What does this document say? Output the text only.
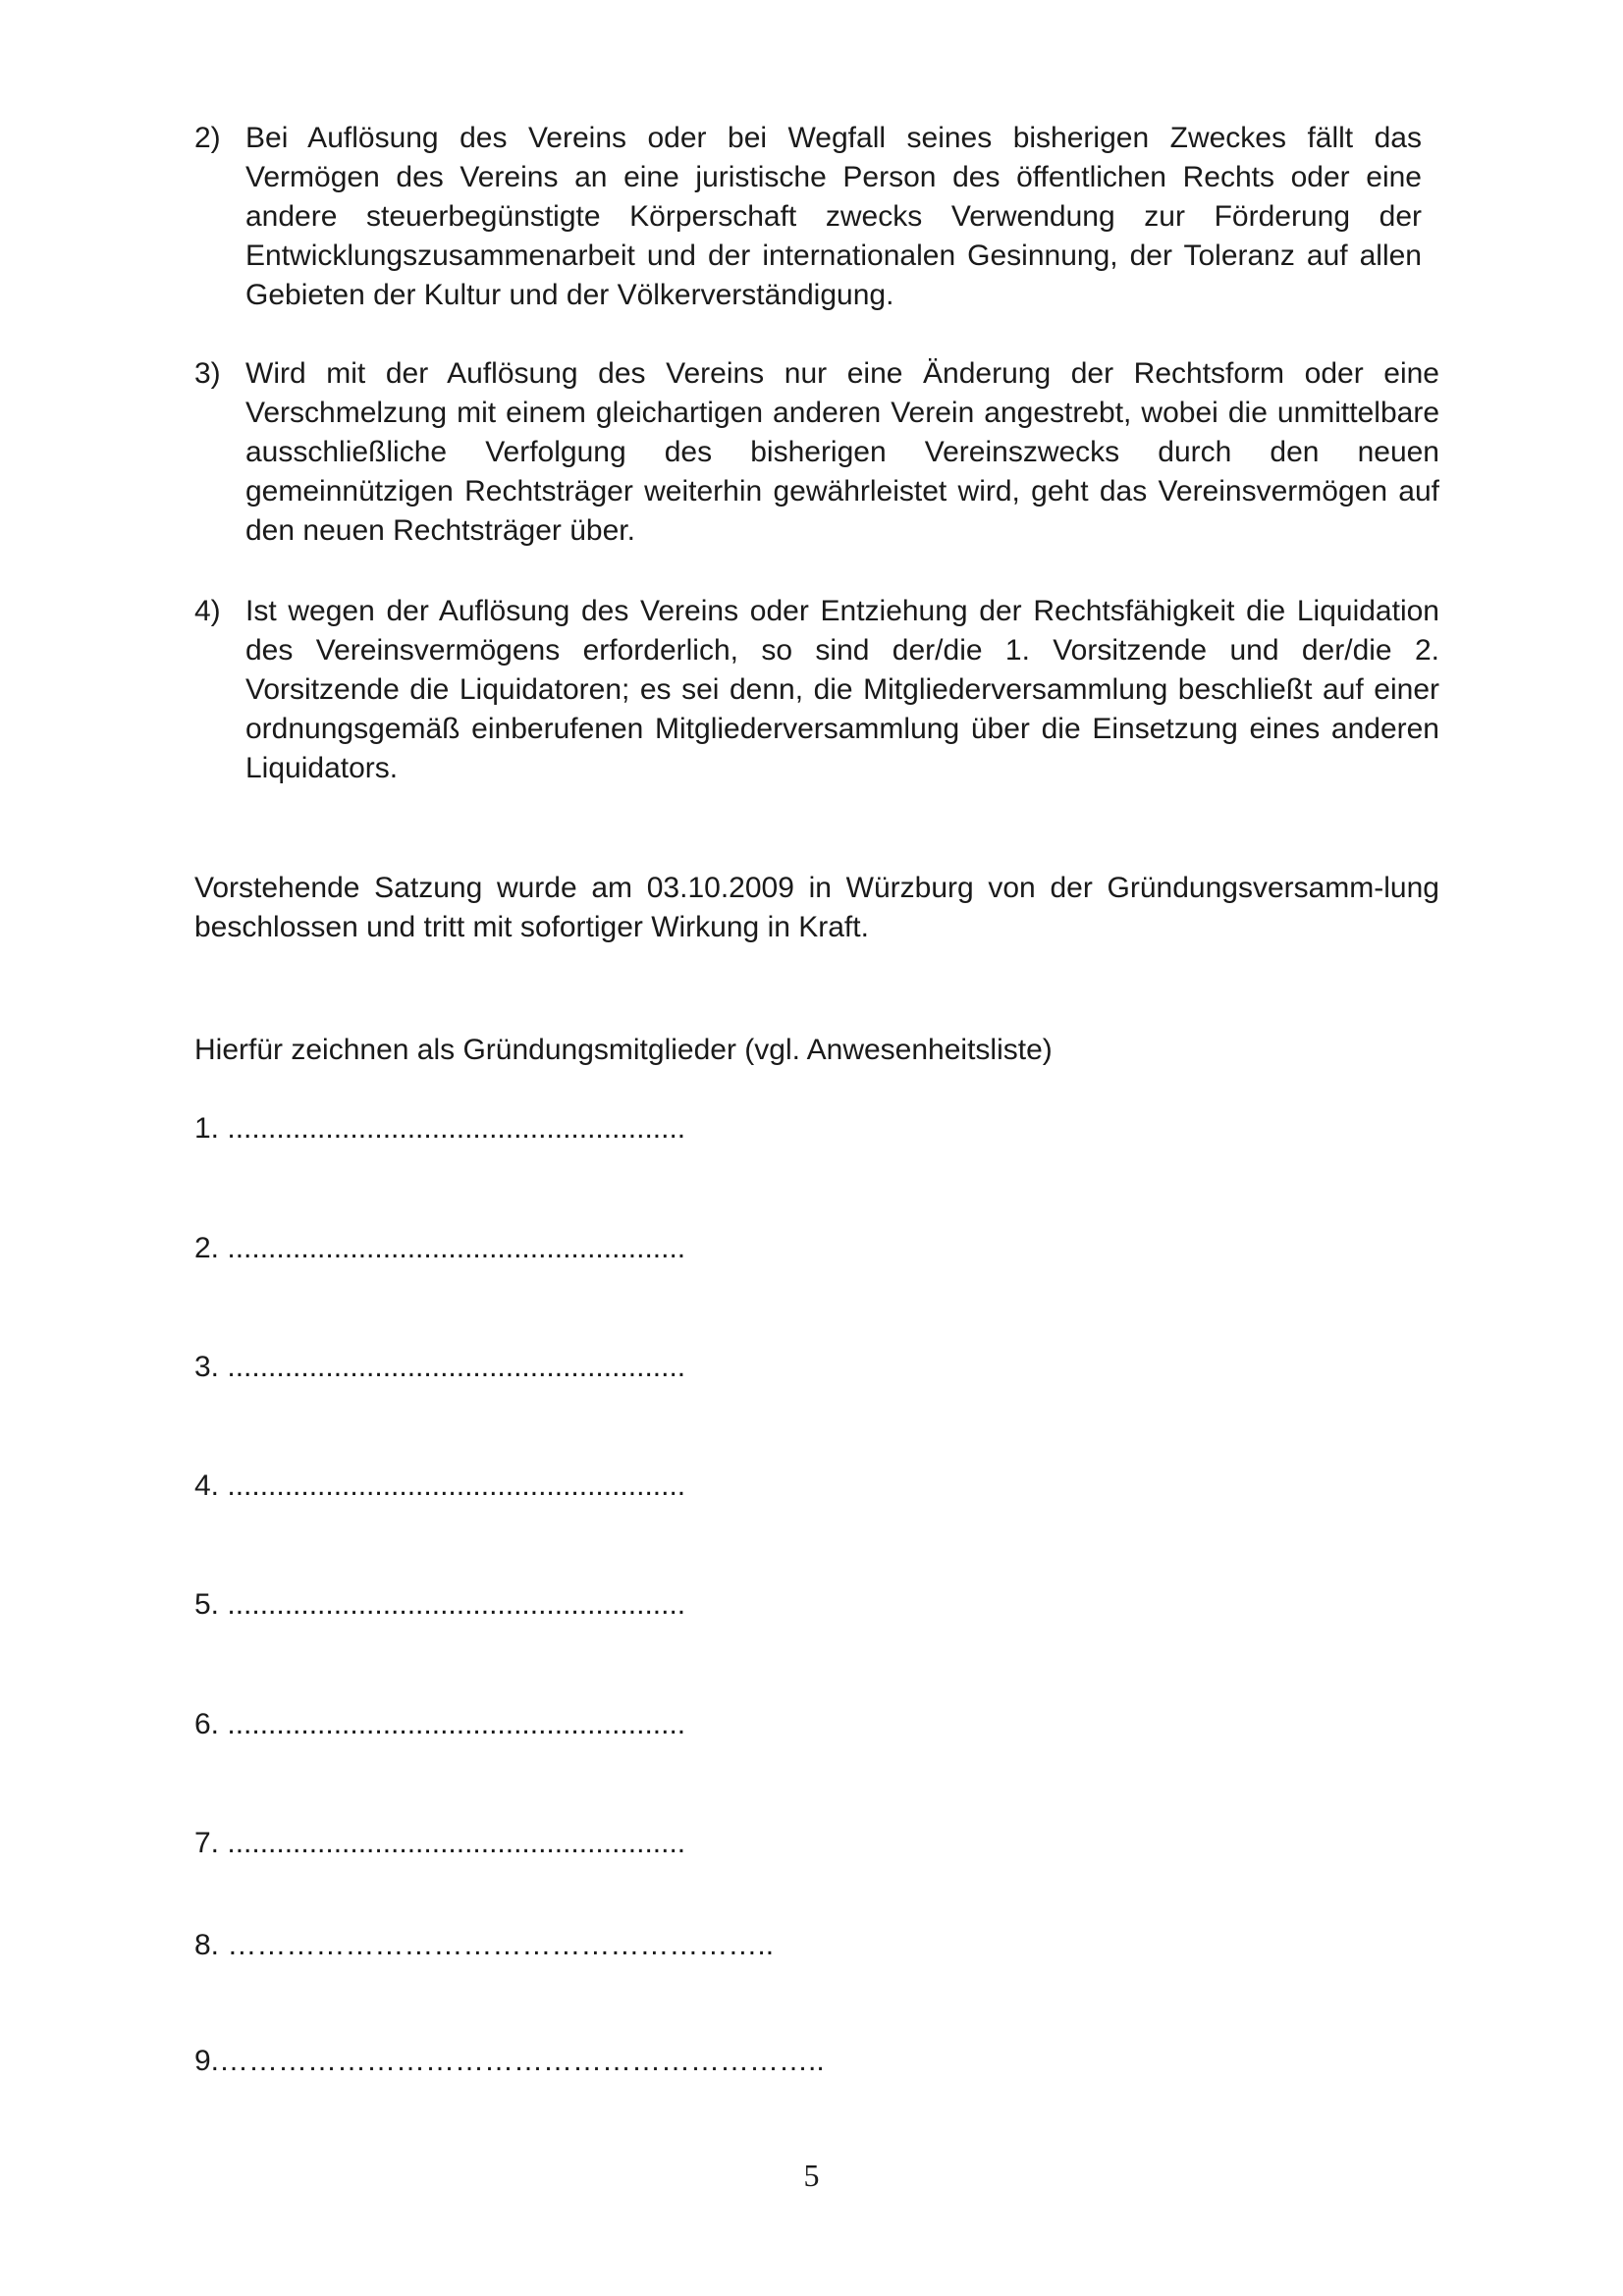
2) Bei Auflösung des Vereins oder bei Wegfall seines bisherigen Zweckes fällt das Vermögen des Vereins an eine juristische Person des öffentlichen Rechts oder eine andere steuerbegünstigte Körperschaft zwecks Verwendung zur Förderung der Entwicklungszusammenarbeit und der internationalen Gesinnung, der Toleranz auf allen Gebieten der Kultur und der Völkerverständigung.
3) Wird mit der Auflösung des Vereins nur eine Änderung der Rechtsform oder eine Verschmelzung mit einem gleichartigen anderen Verein angestrebt, wobei die unmittelbare ausschließliche Verfolgung des bisherigen Vereinszwecks durch den neuen gemeinnützigen Rechtsträger weiterhin gewährleistet wird, geht das Vereinsvermögen auf den neuen Rechtsträger über.
4) Ist wegen der Auflösung des Vereins oder Entziehung der Rechtsfähigkeit die Liquidation des Vereinsvermögens erforderlich, so sind der/die 1. Vorsitzende und der/die 2. Vorsitzende die Liquidatoren; es sei denn, die Mitgliederversammlung beschließt auf einer ordnungsgemäß einberufenen Mitgliederversammlung über die Einsetzung eines anderen Liquidators.
Vorstehende Satzung wurde am 03.10.2009 in Würzburg von der Gründungsversamm-lung beschlossen und tritt mit sofortiger Wirkung in Kraft.
Hierfür zeichnen als Gründungsmitglieder (vgl. Anwesenheitsliste)
1. ........................................................
2. ........................................................
3. ........................................................
4. ........................................................
5. ........................................................
6. ........................................................
7. ........................................................
8. ………………………………………………..
9.……………………………………………………..
5
